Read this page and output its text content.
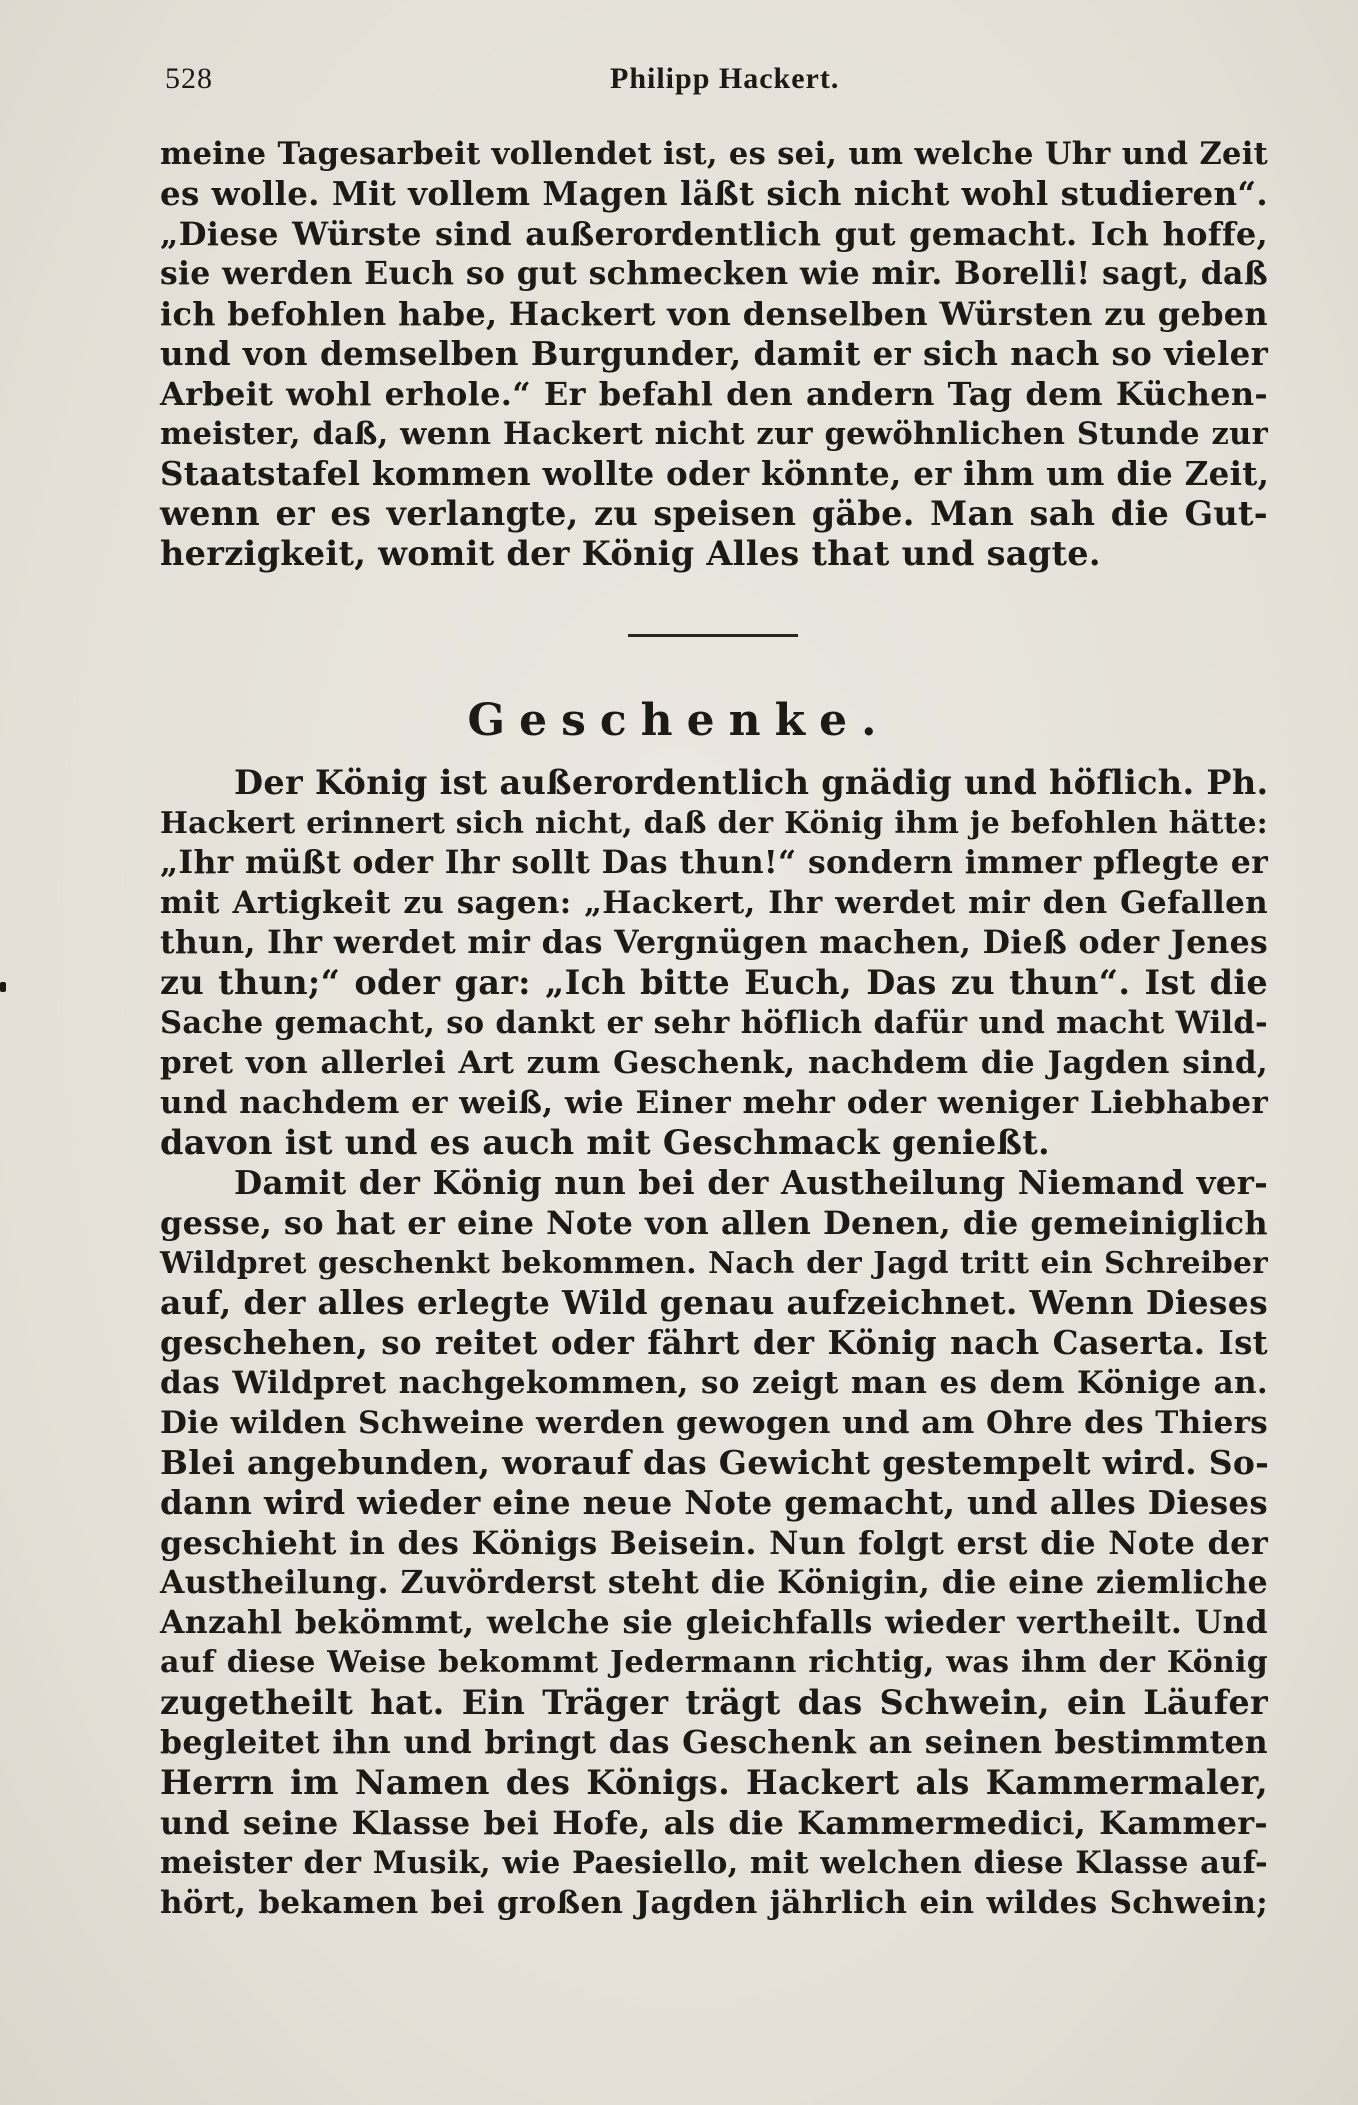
528	Philipp Hackert.
meine Tagesarbeit vollendet ist, es sei, um welche Uhr und Zeit
es wolle. Mit vollem Magen läßt sich nicht wohl studieren“.
„Diese Würste sind außerordentlich gut gemacht. Ich hoffe,
sie werden Euch so gut schmecken wie mir. Borelli! sagt, daß
ich befohlen habe, Hackert von denselben Würsten zu geben
und von demselben Burgunder, damit er sich nach so vieler
Arbeit wohl erhole.“ Er befahl den andern Tag dem Küchen-
meister, daß, wenn Hackert nicht zur gewöhnlichen Stunde zur
Staatstafel kommen wollte oder könnte, er ihm um die Zeit,
wenn er es verlangte, zu speisen gäbe. Man sah die Gut-
herzigkeit, womit der König Alles that und sagte.
Geschenke.
Der König ist außerordentlich gnädig und höflich. Ph.
Hackert erinnert sich nicht, daß der König ihm je befohlen hätte:
„Ihr müßt oder Ihr sollt Das thun!“ sondern immer pflegte er
mit Artigkeit zu sagen: „Hackert, Ihr werdet mir den Gefallen
thun, Ihr werdet mir das Vergnügen machen, Dieß oder Jenes
zu thun;“ oder gar: „Ich bitte Euch, Das zu thun“. Ist die
Sache gemacht, so dankt er sehr höflich dafür und macht Wild-
pret von allerlei Art zum Geschenk, nachdem die Jagden sind,
und nachdem er weiß, wie Einer mehr oder weniger Liebhaber
davon ist und es auch mit Geschmack genießt.
Damit der König nun bei der Austheilung Niemand ver-
gesse, so hat er eine Note von allen Denen, die gemeiniglich
Wildpret geschenkt bekommen. Nach der Jagd tritt ein Schreiber
auf, der alles erlegte Wild genau aufzeichnet. Wenn Dieses
geschehen, so reitet oder fährt der König nach Caserta. Ist
das Wildpret nachgekommen, so zeigt man es dem Könige an.
Die wilden Schweine werden gewogen und am Ohre des Thiers
Blei angebunden, worauf das Gewicht gestempelt wird. So-
dann wird wieder eine neue Note gemacht, und alles Dieses
geschieht in des Königs Beisein. Nun folgt erst die Note der
Austheilung. Zuvörderst steht die Königin, die eine ziemliche
Anzahl bekömmt, welche sie gleichfalls wieder vertheilt. Und
auf diese Weise bekommt Jedermann richtig, was ihm der König
zugetheilt hat. Ein Träger trägt das Schwein, ein Läufer
begleitet ihn und bringt das Geschenk an seinen bestimmten
Herrn im Namen des Königs. Hackert als Kammermaler,
und seine Klasse bei Hofe, als die Kammermedici, Kammer-
meister der Musik, wie Paesiello, mit welchen diese Klasse auf-
hört, bekamen bei großen Jagden jährlich ein wildes Schwein;
